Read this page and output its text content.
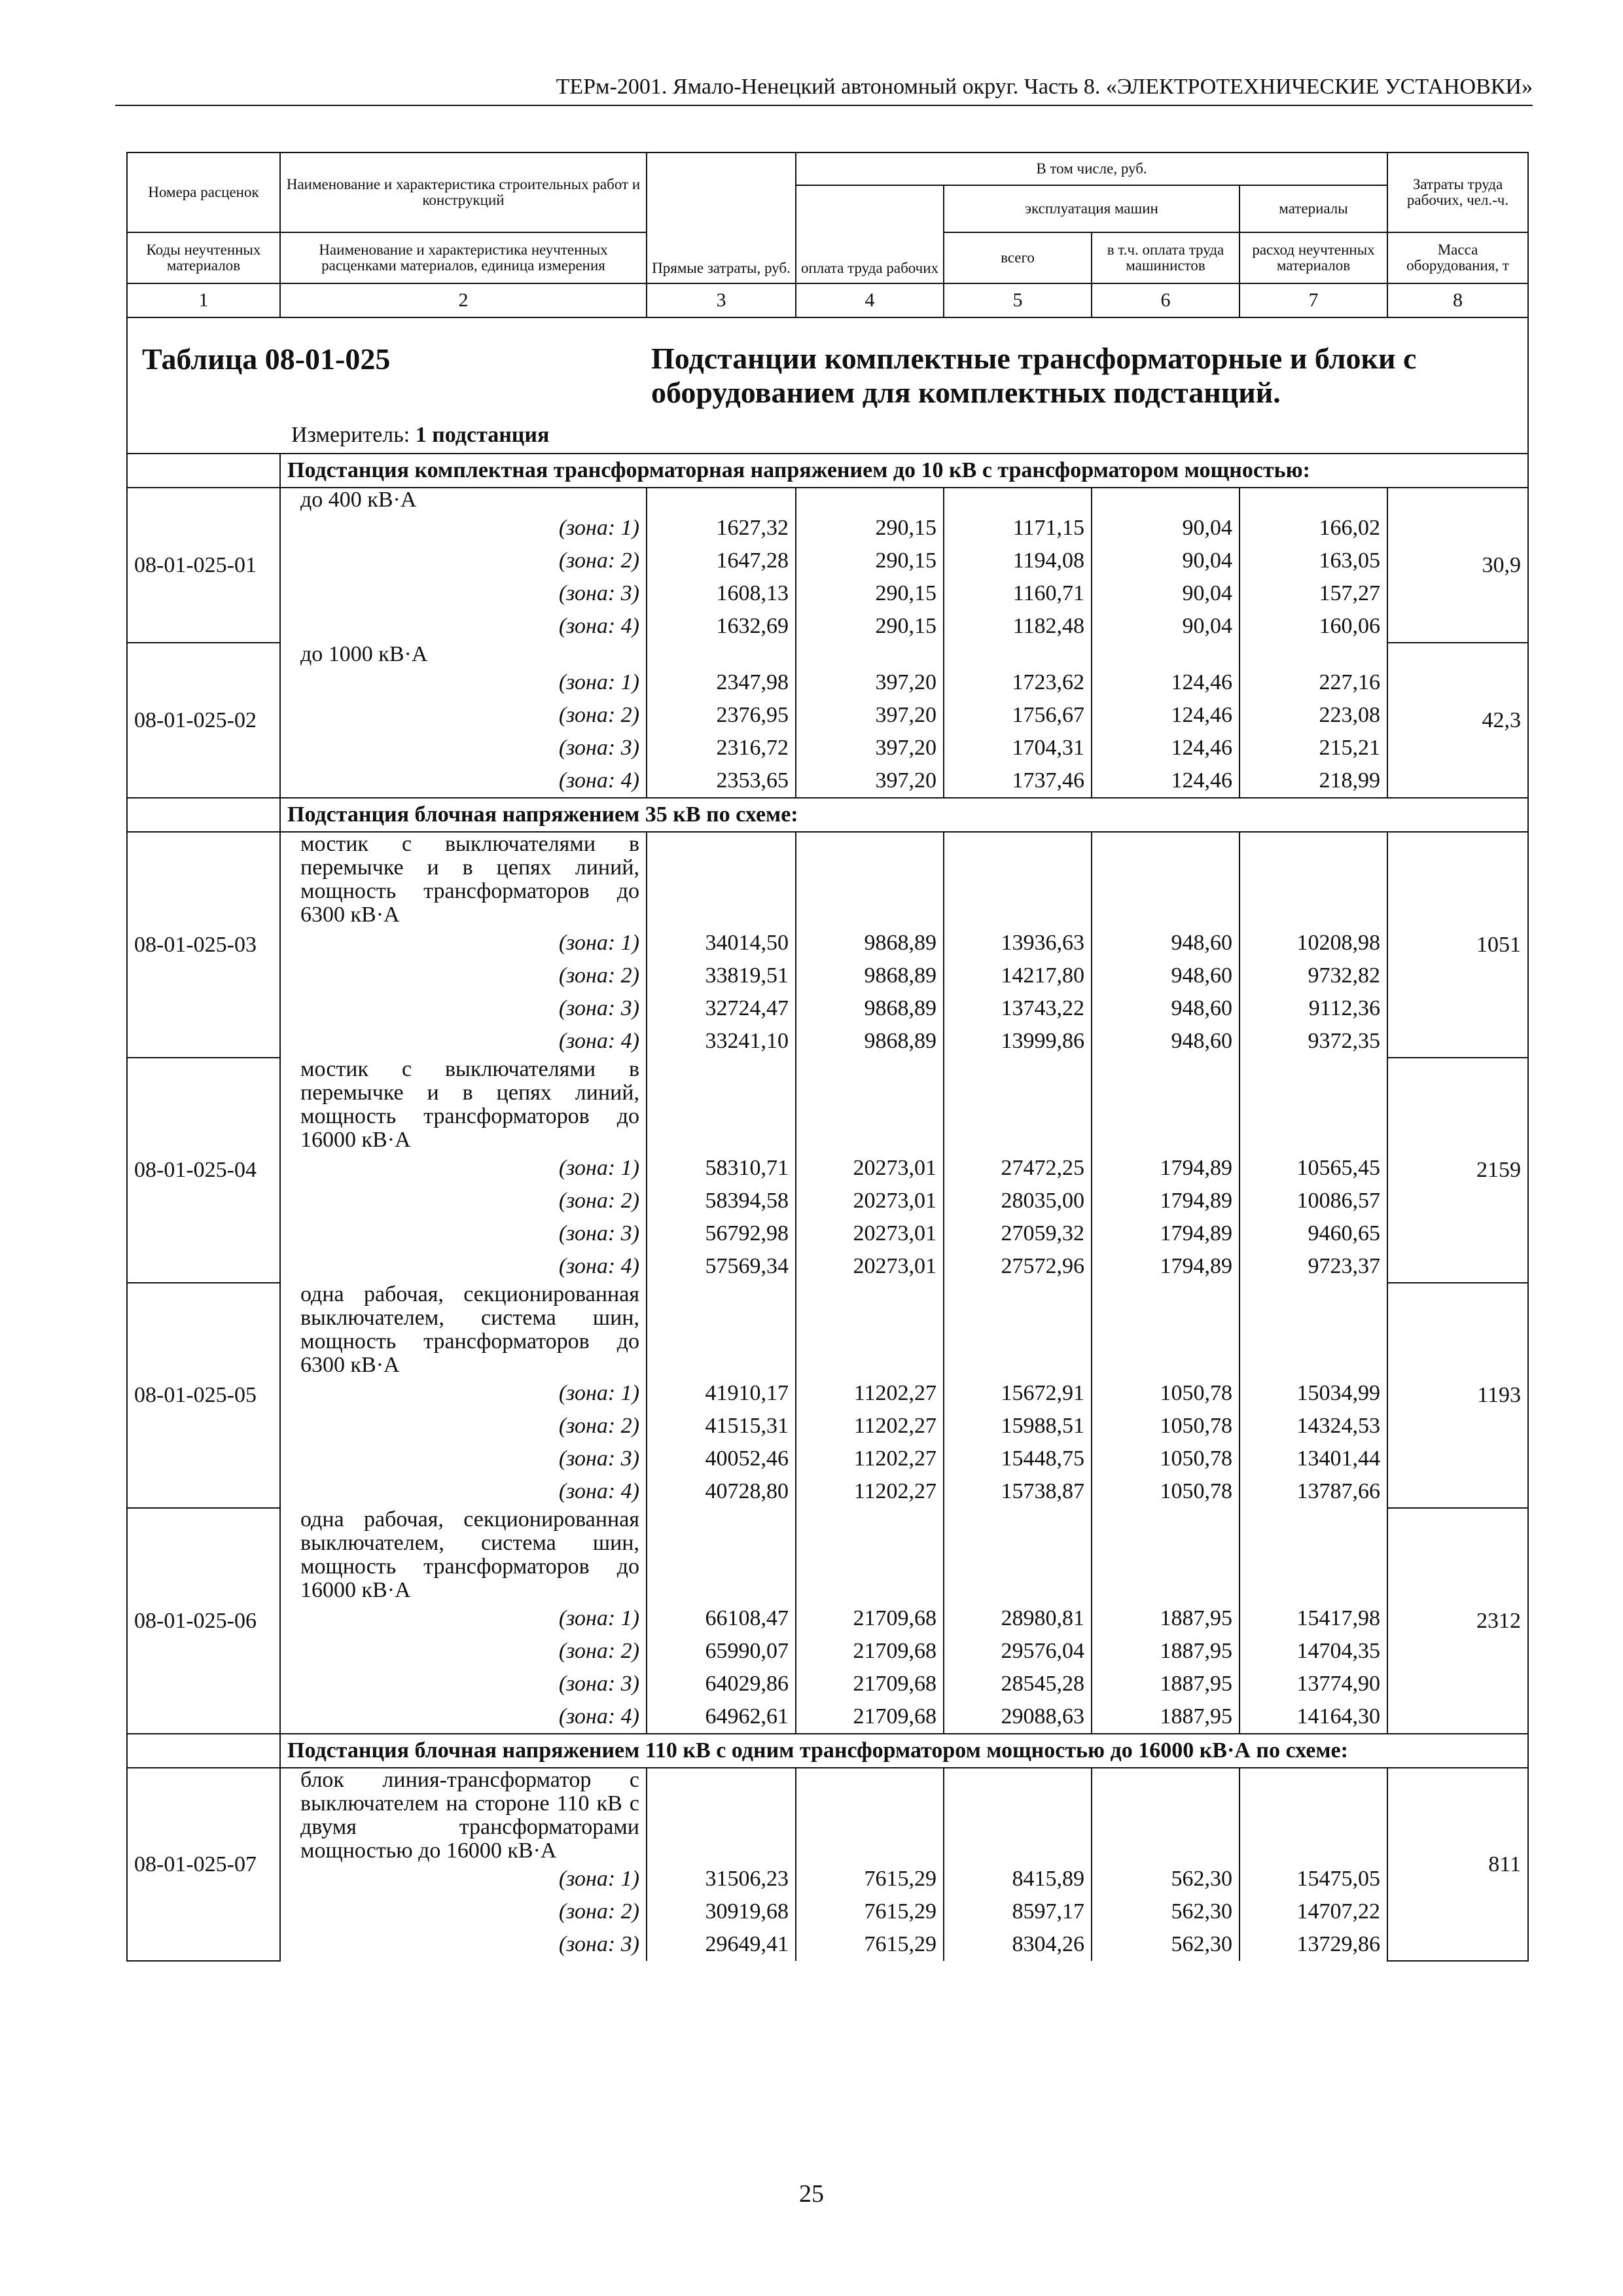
ТЕРм-2001. Ямало-Ненецкий автономный округ. Часть 8. «ЭЛЕКТРОТЕХНИЧЕСКИЕ УСТАНОВКИ»
Номера расценок	Наименование и характеристика строительных работ и конструкций	Прямые затраты, руб.	В том числе, руб.				Затраты труда рабочих, чел.-ч.
			оплата труда рабочих	эксплуатация машин		материалы	
Коды неучтенных материалов	Наименование и характеристика неучтенных расценками материалов, единица измерения			всего	в т.ч. оплата труда машинистов	расход неучтенных материалов	Масса оборудования, т
1	2	3	4	5	6	7	8

Таблица 08-01-025 Подстанции комплектные трансформаторные и блоки с оборудованием для комплектных подстанций.
Измеритель: 1 подстанция							

	Подстанция комплектная трансформаторная напряжением до 10 кВ с трансформатором мощностью:						
08-01-025-01	до 400 кВ·А						30,9
	(зона: 1)	1627,32	290,15	1171,15	90,04	166,02	
	(зона: 2)	1647,28	290,15	1194,08	90,04	163,05	
	(зона: 3)	1608,13	290,15	1160,71	90,04	157,27	
	(зона: 4)	1632,69	290,15	1182,48	90,04	160,06	
08-01-025-02	до 1000 кВ·А						42,3
	(зона: 1)	2347,98	397,20	1723,62	124,46	227,16	
	(зона: 2)	2376,95	397,20	1756,67	124,46	223,08	
	(зона: 3)	2316,72	397,20	1704,31	124,46	215,21	
	(зона: 4)	2353,65	397,20	1737,46	124,46	218,99	
	Подстанция блочная напряжением 35 кВ по схеме:						
08-01-025-03	мостик с выключателями в перемычке и в цепях линий, мощность трансформаторов до 6300 кВ·А						1051
	(зона: 1)	34014,50	9868,89	13936,63	948,60	10208,98	
	(зона: 2)	33819,51	9868,89	14217,80	948,60	9732,82	
	(зона: 3)	32724,47	9868,89	13743,22	948,60	9112,36	
	(зона: 4)	33241,10	9868,89	13999,86	948,60	9372,35	
08-01-025-04	мостик с выключателями в перемычке и в цепях линий, мощность трансформаторов до 16000 кВ·А						2159
	(зона: 1)	58310,71	20273,01	27472,25	1794,89	10565,45	
	(зона: 2)	58394,58	20273,01	28035,00	1794,89	10086,57	
	(зона: 3)	56792,98	20273,01	27059,32	1794,89	9460,65	
	(зона: 4)	57569,34	20273,01	27572,96	1794,89	9723,37	
08-01-025-05	одна рабочая, секционированная выключателем, система шин, мощность трансформаторов до 6300 кВ·А						1193
	(зона: 1)	41910,17	11202,27	15672,91	1050,78	15034,99	
	(зона: 2)	41515,31	11202,27	15988,51	1050,78	14324,53	
	(зона: 3)	40052,46	11202,27	15448,75	1050,78	13401,44	
	(зона: 4)	40728,80	11202,27	15738,87	1050,78	13787,66	
08-01-025-06	одна рабочая, секционированная выключателем, система шин, мощность трансформаторов до 16000 кВ·А						2312
	(зона: 1)	66108,47	21709,68	28980,81	1887,95	15417,98	
	(зона: 2)	65990,07	21709,68	29576,04	1887,95	14704,35	
	(зона: 3)	64029,86	21709,68	28545,28	1887,95	13774,90	
	(зона: 4)	64962,61	21709,68	29088,63	1887,95	14164,30	
	Подстанция блочная напряжением 110 кВ с одним трансформатором мощностью до 16000 кВ·А по схеме:						
08-01-025-07	блок линия-трансформатор с выключателем на стороне 110 кВ с двумя трансформаторами мощностью до 16000 кВ·А						811
	(зона: 1)	31506,23	7615,29	8415,89	562,30	15475,05	
	(зона: 2)	30919,68	7615,29	8597,17	562,30	14707,22	
	(зона: 3)	29649,41	7615,29	8304,26	562,30	13729,86	
25
